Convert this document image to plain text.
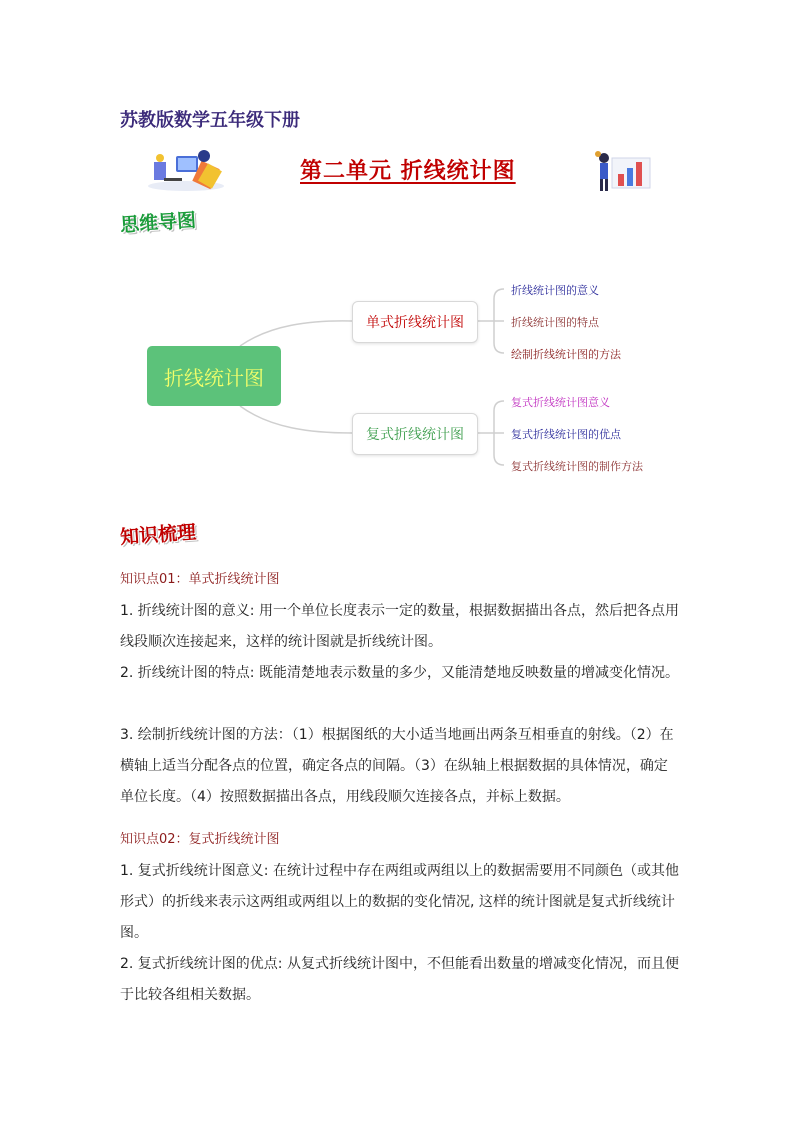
苏教版数学五年级下册
第二单元 折线统计图
思维导图
折线统计图
单式折线统计图
折线统计图的意义
折线统计图的特点
绘制折线统计图的方法
复式折线统计图
复式折线统计图意义
复式折线统计图的优点
复式折线统计图的制作方法
知识梳理
知识点01：单式折线统计图
1. 折线统计图的意义: 用一个单位长度表示一定的数量，根据数据描出各点，然后把各点用线段顺次连接起来，这样的统计图就是折线统计图。
2. 折线统计图的特点: 既能清楚地表示数量的多少，又能清楚地反映数量的增减变化情况。
3. 绘制折线统计图的方法：（1）根据图纸的大小适当地画出两条互相垂直的射线。（2）在横轴上适当分配各点的位置，确定各点的间隔。（3）在纵轴上根据数据的具体情况，确定单位长度。（4）按照数据描出各点，用线段顺欠连接各点，并标上数据。
知识点02：复式折线统计图
1. 复式折线统计图意义: 在统计过程中存在两组或两组以上的数据需要用不同颜色（或其他形式）的折线来表示这两组或两组以上的数据的变化情况, 这样的统计图就是复式折线统计图。
2. 复式折线统计图的优点: 从复式折线统计图中，不但能看出数量的增减变化情况，而且便于比较各组相关数据。
